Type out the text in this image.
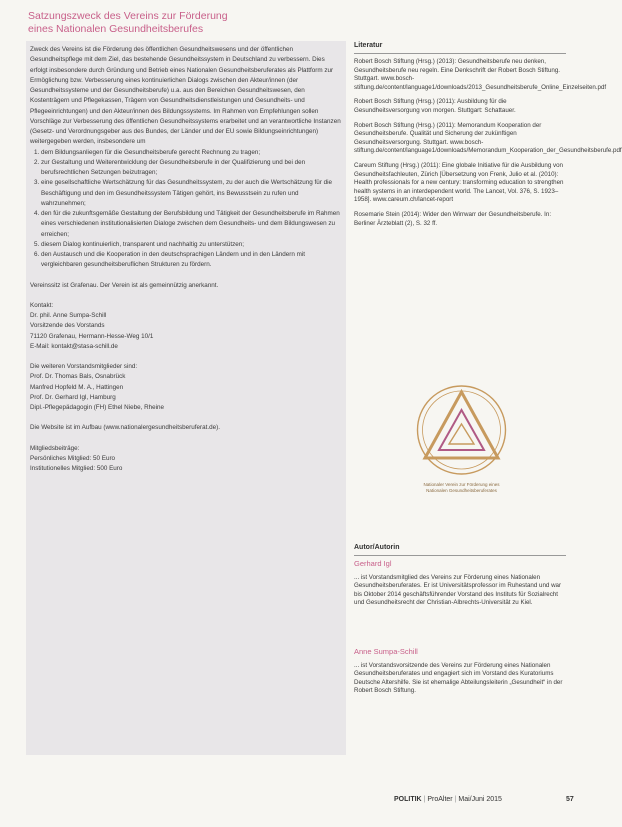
Satzungszweck des Vereins zur Förderung
eines Nationalen Gesundheitsberufes

Zweck des Vereins ist die Förderung des öffentlichen Gesundheitswesens und der öffentlichen Gesundheitspflege mit dem Ziel, das bestehende Gesundheitssystem in Deutschland zu verbessern. Dies erfolgt insbesondere durch Gründung und Betrieb eines Nationalen Gesundheitsberuferates als Plattform zur Ermöglichung bzw. Verbesserung eines kontinuierlichen Dialogs zwischen den Akteur/innen (der Gesundheitssysteme und der Gesundheitsberufe) u.a. aus den Bereichen Gesundheitswesen, den Kostenträgern und Pflegekassen, Trägern von Gesundheitsdienstleistungen und Gesundheits- und Pflegeeinrichtungen) und den Akteur/innen des Bildungssystems. Im Rahmen von Empfehlungen sollen Vorschläge zur Verbesserung des öffentlichen Gesundheitssystems erarbeitet und an verantwortliche Instanzen (Gesetz- und Verordnungsgeber aus des Bundes, der Länder und der EU sowie Bildungseinrichtungen) weitergegeben werden, insbesondere um

1. dem Bildungsanliegen für die Gesundheitsberufe gerecht Rechnung zu tragen;
2. zur Gestaltung und Weiterentwicklung der Gesundheitsberufe in der Qualifizierung und bei den berufsrechtlichen Setzungen beizutragen;
3. eine gesellschaftliche Wertschätzung für das Gesundheitssystem, zu der auch die Wertschätzung für die Beschäftigung und den im Gesundheitssystem Tätigen gehört, ins Bewusstsein zu rufen und wahrzunehmen;
4. den für die zukunftsgemäße Gestaltung der Berufsbildung und Tätigkeit der Gesundheitsberufe im Rahmen eines verschiedenen institutionalisierten Dialoge zwischen dem Gesundheits- und dem Bildungswesen zu erreichen;
5. diesem Dialog kontinuierlich, transparent und nachhaltig zu unterstützen;
6. den Austausch und die Kooperation in den deutschsprachigen Ländern und in den Ländern mit vergleichbaren gesundheitsberuflichen Strukturen zu fördern.

Vereinssitz ist Grafenau. Der Verein ist als gemeinnützig anerkannt.

Kontakt:

Dr. phil. Anne Sumpa-Schill

Vorsitzende des Vorstands

71120 Grafenau, Hermann-Hesse-Weg 10/1

E-Mail: kontakt@stasa-schill.de

Die weiteren Vorstandsmitglieder sind:

Prof. Dr. Thomas Bals, Osnabrück

Manfred Hopfeld M. A., Hattingen

Prof. Dr. Gerhard Igl, Hamburg

Dipl.-Pflegepädagogin (FH) Ethel Niebe, Rheine

Die Website ist im Aufbau (www.nationalergesundheitsberuferat.de).

Mitgliedsbeiträge:

Persönliches Mitglied: 50 Euro

Institutionelles Mitglied: 500 Euro

Literatur

Robert Bosch Stiftung (Hrsg.) (2013): Gesundheitsberufe neu denken, Gesundheitsberufe neu regeln. Eine Denkschrift der Robert Bosch Stiftung. Stuttgart. www.bosch-stiftung.de/content/language1/downloads/2013_Gesundheitsberufe_Online_Einzelseiten.pdf

Robert Bosch Stiftung (Hrsg.) (2011): Ausbildung für die Gesundheitsversorgung von morgen. Stuttgart: Schattauer.

Robert Bosch Stiftung (Hrsg.) (2011): Memorandum Kooperation der Gesundheitsberufe. Qualität und Sicherung der zukünftigen Gesundheitsversorgung. Stuttgart. www.bosch-stiftung.de/content/language1/downloads/Memorandum_Kooperation_der_Gesundheitsberufe.pdf

Careum Stiftung (Hrsg.) (2011): Eine globale Initiative für die Ausbildung von Gesundheitsfachleuten, Zürich [Übersetzung von Frenk, Julio et al. (2010): Health professionals for a new century: transforming education to strengthen health systems in an interdependent world. The Lancet, Vol. 376, S. 1923–1958]. www.careum.ch/lancet-report

Rosemarie Stein (2014): Wider den Wirrwarr der Gesundheitsberufe. In: Berliner Ärzteblatt (2), S. 32 ff.

Nationaler Verein zur Förderung eines
Nationalen Gesundheitsberuferates
Autor/Autorin
Gerhard Igl
... ist Vorstandsmitglied des Vereins zur Förderung eines Nationalen Gesundheitsberuferates. Er ist Universitätsprofessor im Ruhestand und war bis Oktober 2014 geschäftsführender Vorstand des Instituts für Sozialrecht und Gesundheitsrecht der Christian-Albrechts-Universität zu Kiel.
Anne Sumpa-Schill
... ist Vorstandsvorsitzende des Vereins zur Förderung eines Nationalen Gesundheitsberuferates und engagiert sich im Vorstand des Kuratoriums Deutsche Altershilfe. Sie ist ehemalige Abteilungsleiterin „Gesundheit“ in der Robert Bosch Stiftung.
POLITIK | ProAlter | Mai/Juni 2015	57
